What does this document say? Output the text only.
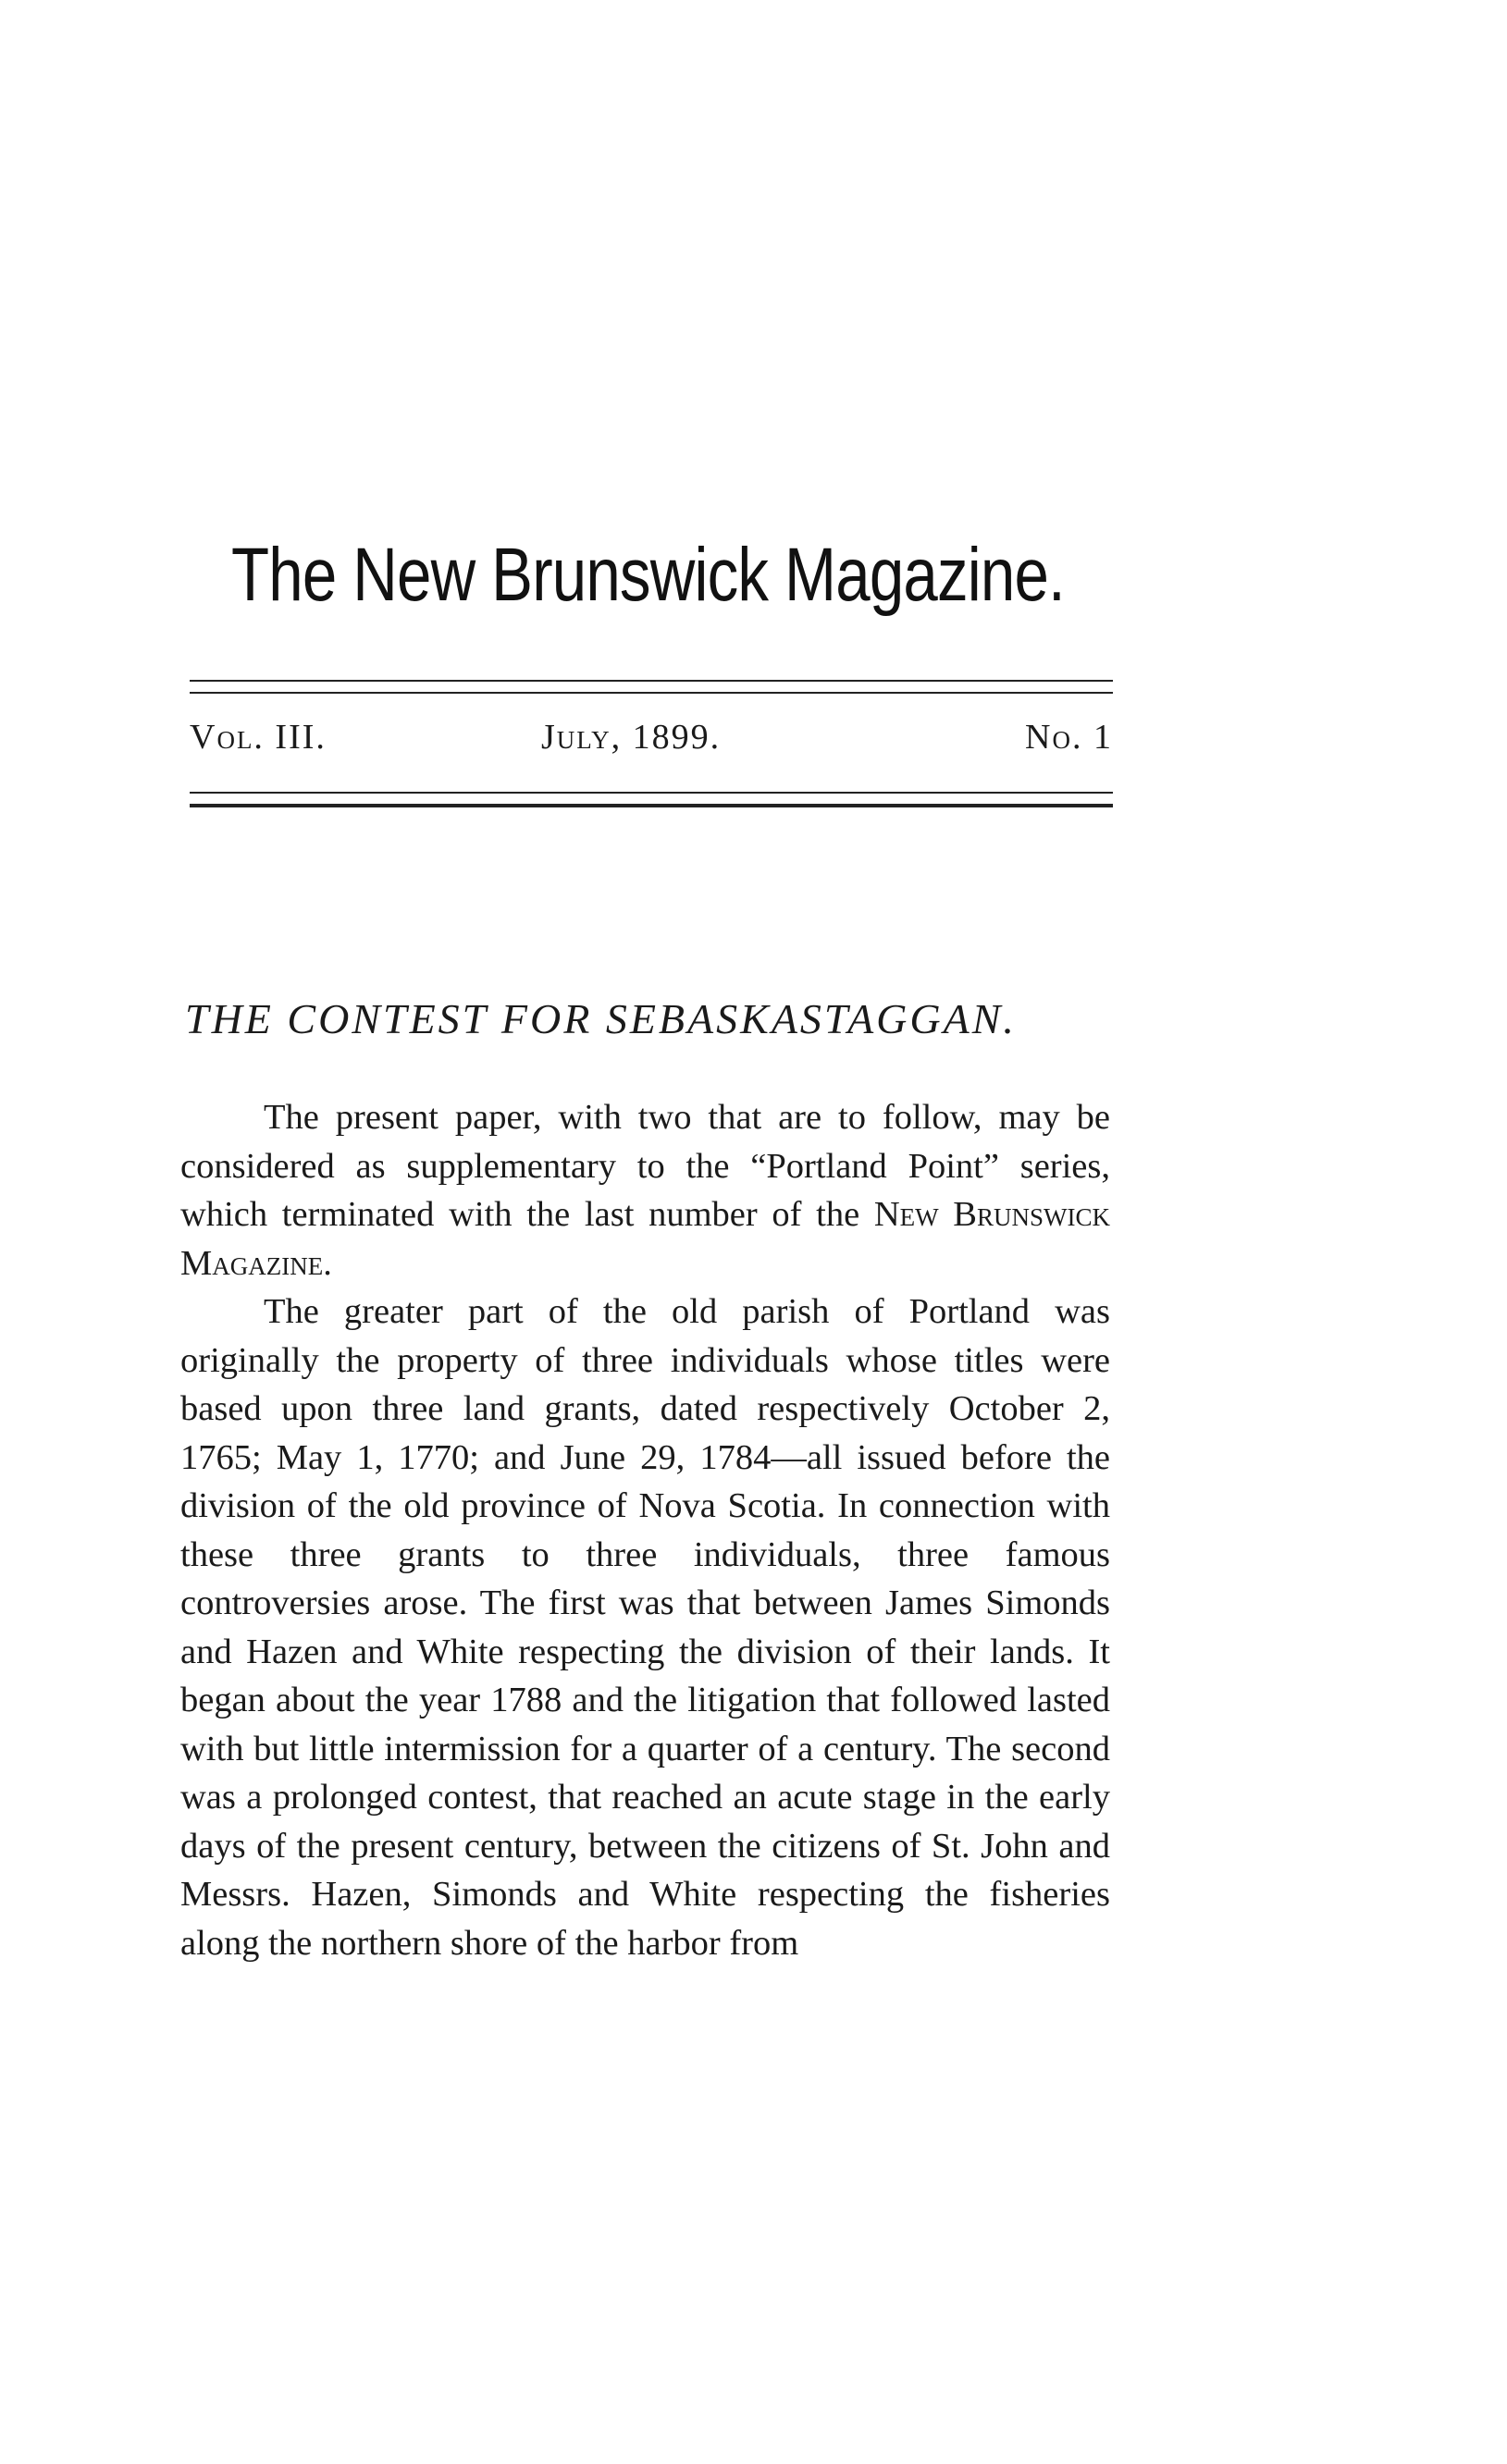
The New Brunswick Magazine.
Vol. III.	July, 1899.	No. 1
THE CONTEST FOR SEBASKASTAGGAN.

The present paper, with two that are to follow, may be considered as supplementary to the “Portland Point” series, which terminated with the last number of the New Brunswick Magazine.

The greater part of the old parish of Portland was originally the property of three individuals whose titles were based upon three land grants, dated respectively October 2, 1765; May 1, 1770; and June 29, 1784—all issued before the division of the old province of Nova Scotia. In connection with these three grants to three individuals, three famous controversies arose. The first was that between James Simonds and Hazen and White respecting the division of their lands. It began about the year 1788 and the litigation that followed lasted with but little intermission for a quarter of a century. The second was a prolonged contest, that reached an acute stage in the early days of the present century, between the citizens of St. John and Messrs. Hazen, Simonds and White respecting the fisheries along the northern shore of the harbor from
